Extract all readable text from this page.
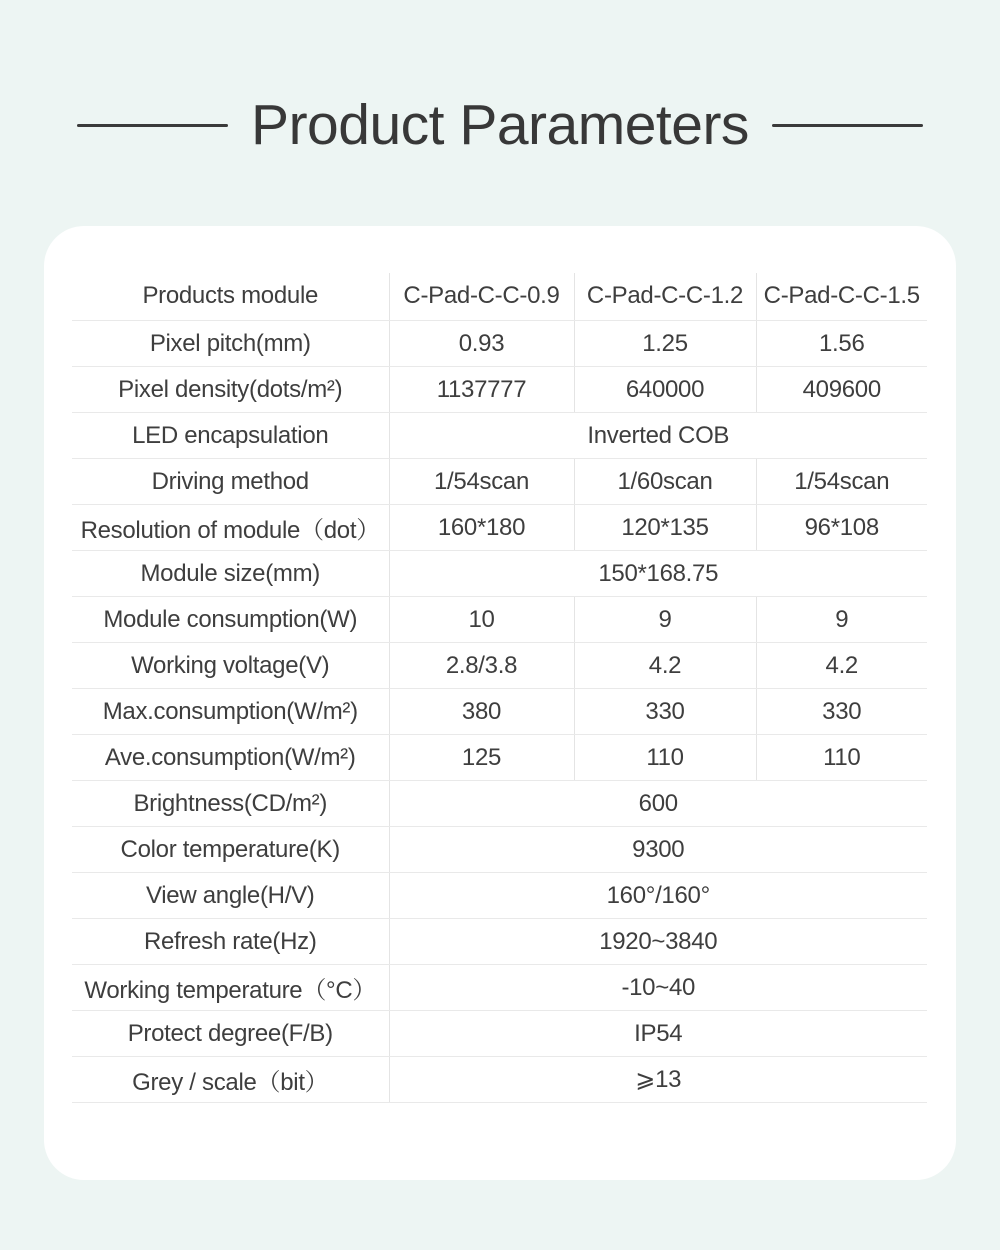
Product Parameters
Products module	C-Pad-C-C-0.9	C-Pad-C-C-1.2	C-Pad-C-C-1.5
Pixel pitch(mm)	0.93	1.25	1.56
Pixel density(dots/m²)	1137777	640000	409600
LED encapsulation	Inverted COB		
Driving method	1/54scan	1/60scan	1/54scan
Resolution of module（dot）	160*180	120*135	96*108
Module size(mm)	150*168.75		
Module consumption(W)	10	9	9
Working voltage(V)	2.8/3.8	4.2	4.2
Max.consumption(W/m²)	380	330	330
Ave.consumption(W/m²)	125	110	110
Brightness(CD/m²)	600		
Color temperature(K)	9300		
View angle(H/V)	160°/160°		
Refresh rate(Hz)	1920~3840		
Working temperature（°C）	-10~40		
Protect degree(F/B)	IP54		
Grey / scale（bit）	⩾13		
